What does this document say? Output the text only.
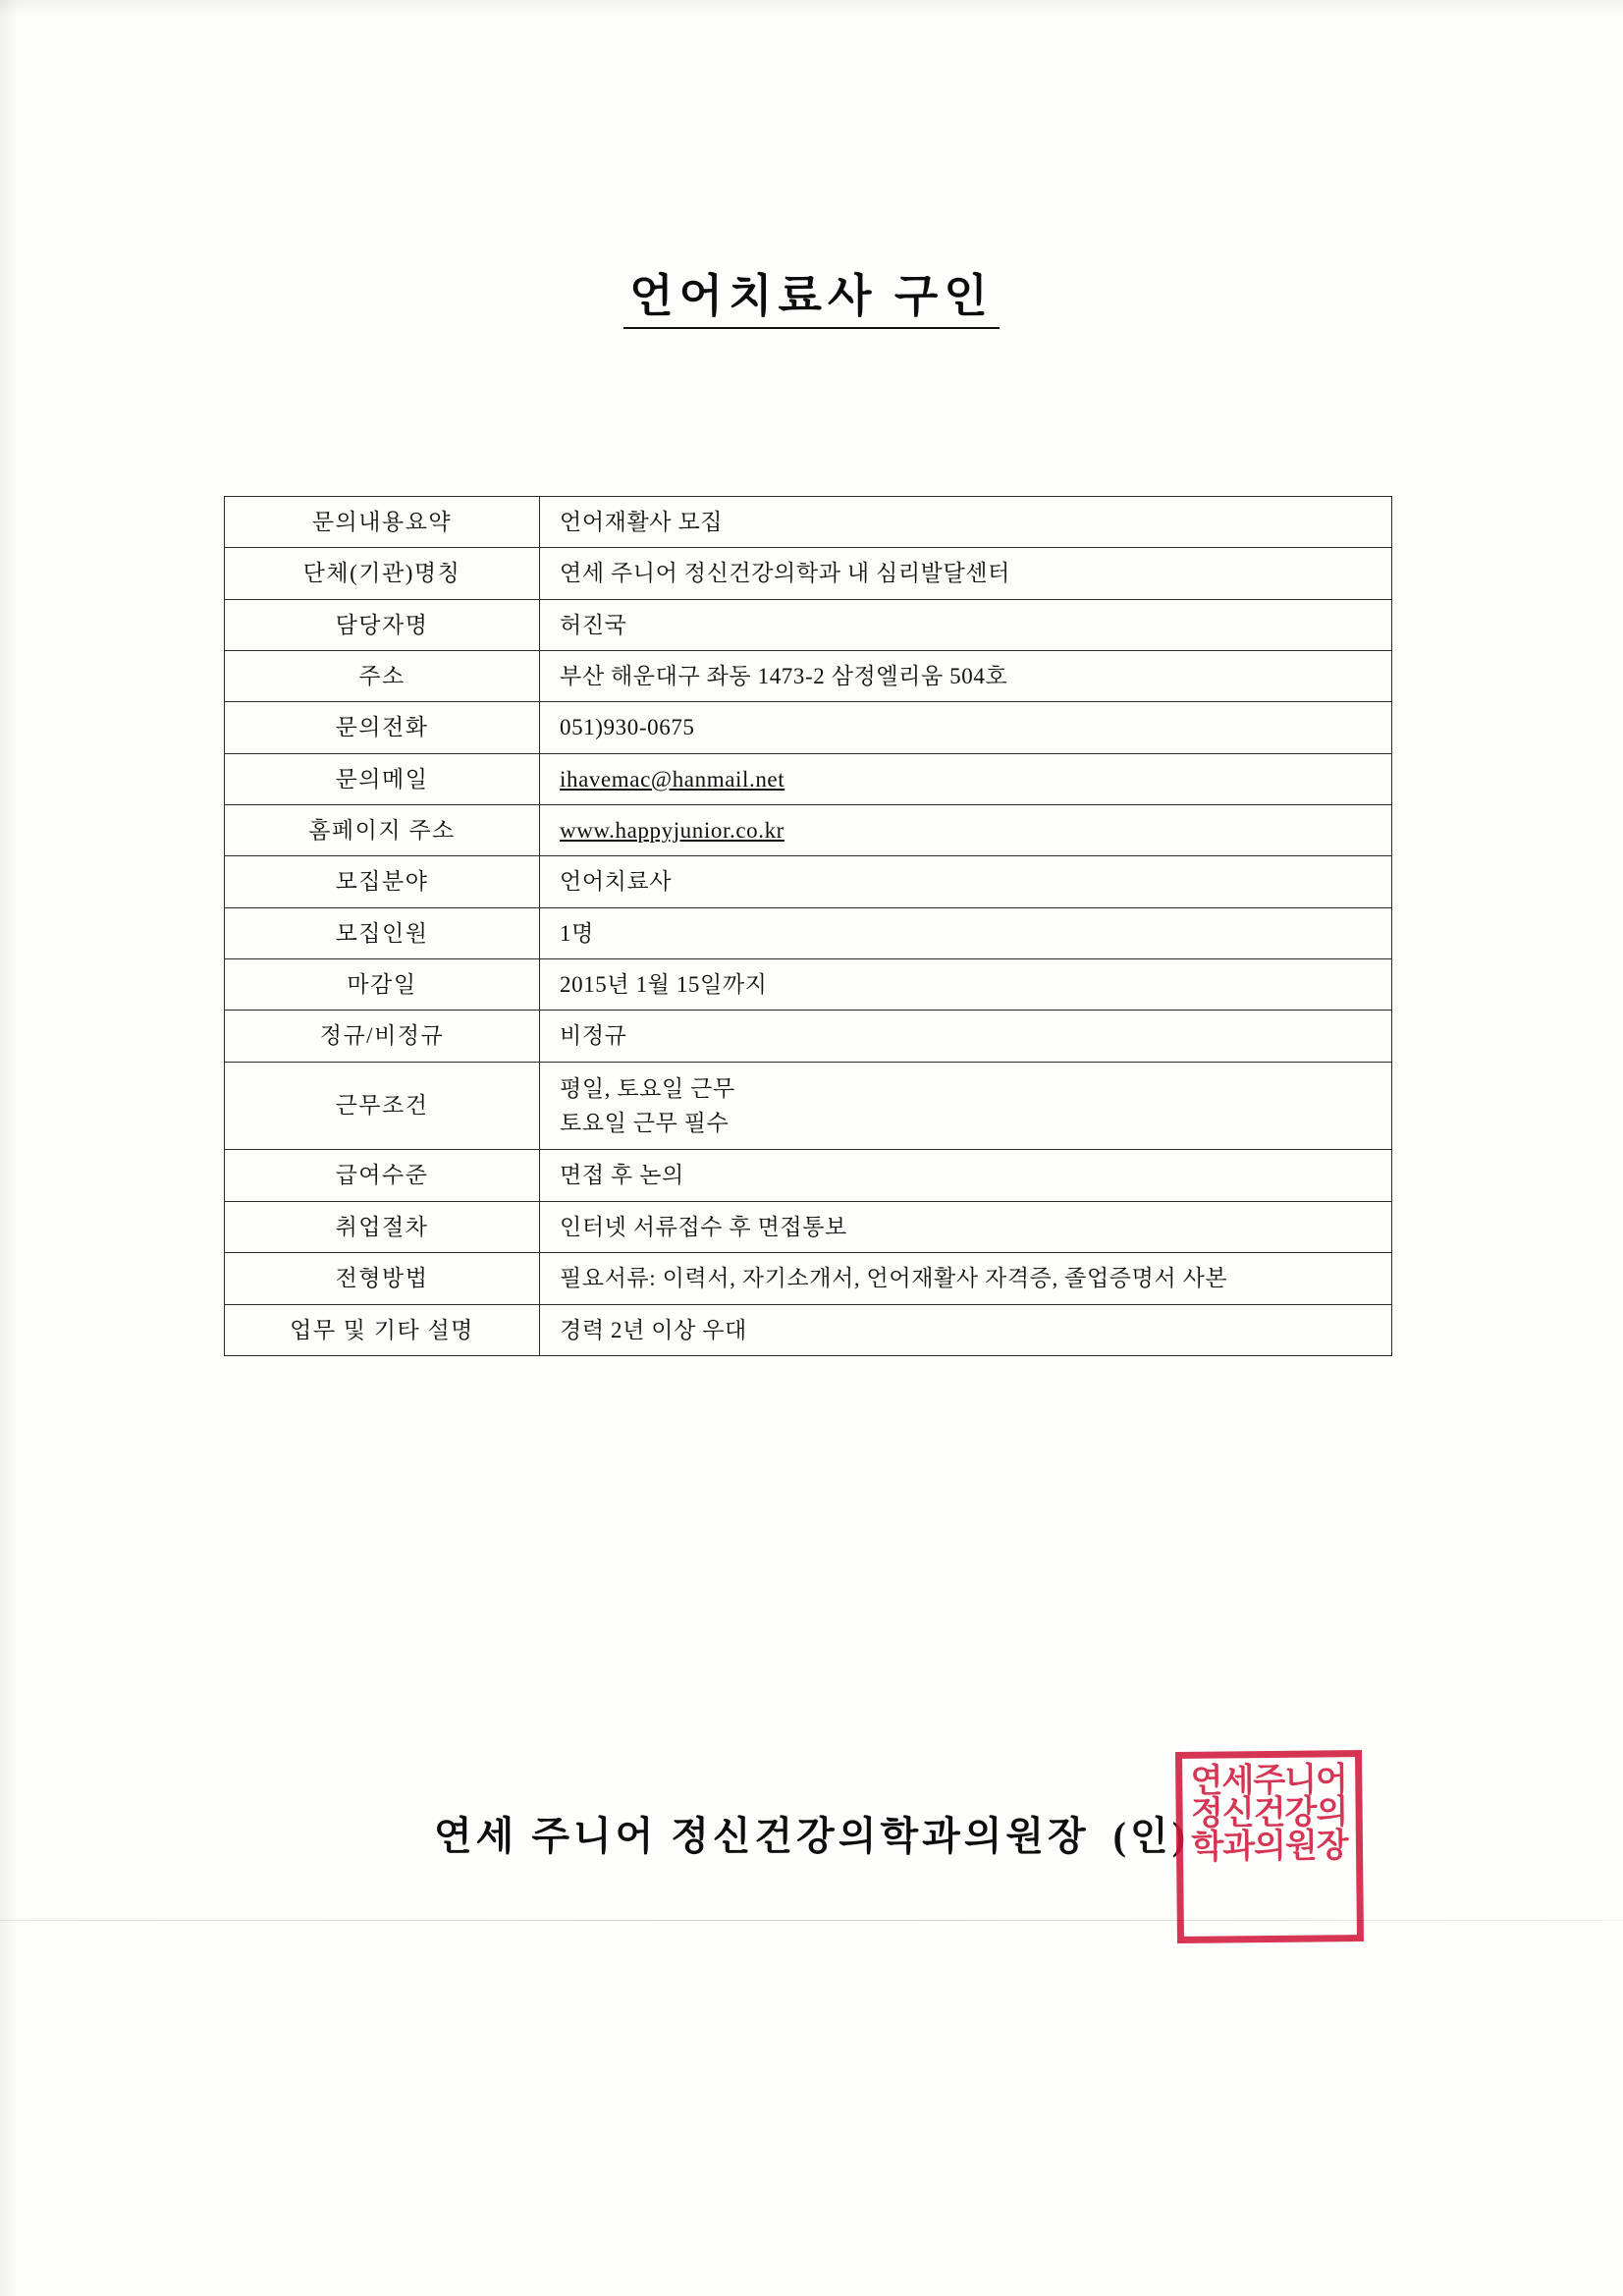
언어치료사 구인
문의내용요약	언어재활사 모집
단체(기관)명칭	연세 주니어 정신건강의학과 내 심리발달센터
담당자명	허진국
주소	부산 해운대구 좌동 1473-2 삼정엘리움 504호
문의전화	051)930-0675
문의메일	ihavemac@hanmail.net
홈페이지 주소	www.happyjunior.co.kr
모집분야	언어치료사
모집인원	1명
마감일	2015년 1월 15일까지
정규/비정규	비정규
근무조건	평일, 토요일 근무
토요일 근무 필수

급여수준	면접 후 논의
취업절차	인터넷 서류접수 후 면접통보
전형방법	필요서류: 이력서, 자기소개서, 언어재활사 자격증, 졸업증명서 사본
업무 및 기타 설명	경력 2년 이상 우대
연세 주니어 정신건강의학과의원장 (인)
연세주니어
정신건강의
학과의원장
